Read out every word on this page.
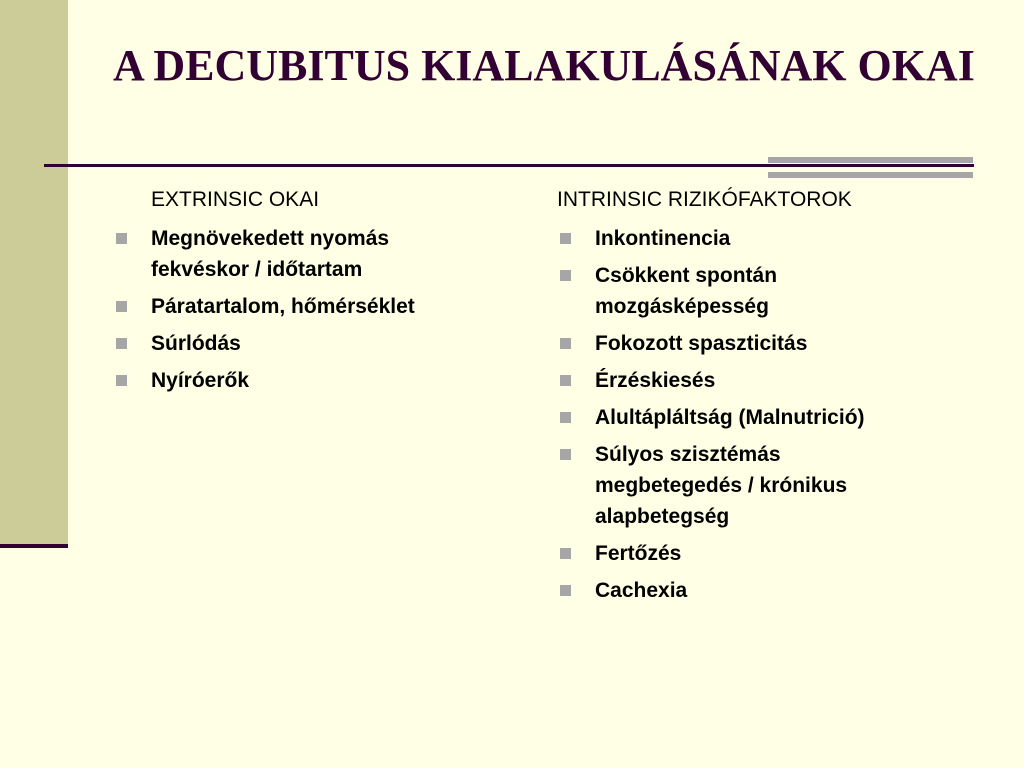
A DECUBITUS KIALAKULÁSÁNAK OKAI
EXTRINSIC OKAI
Megnövekedett nyomás fekvéskor / időtartam
Páratartalom, hőmérséklet
Súrlódás
Nyíróerők
INTRINSIC RIZIKÓFAKTOROK
Inkontinencia
Csökkent spontán mozgásképesség
Fokozott spaszticitás
Érzéskiesés
Alultápláltság (Malnutrició)
Súlyos szisztémás megbetegedés / krónikus alapbetegség
Fertőzés
Cachexia
